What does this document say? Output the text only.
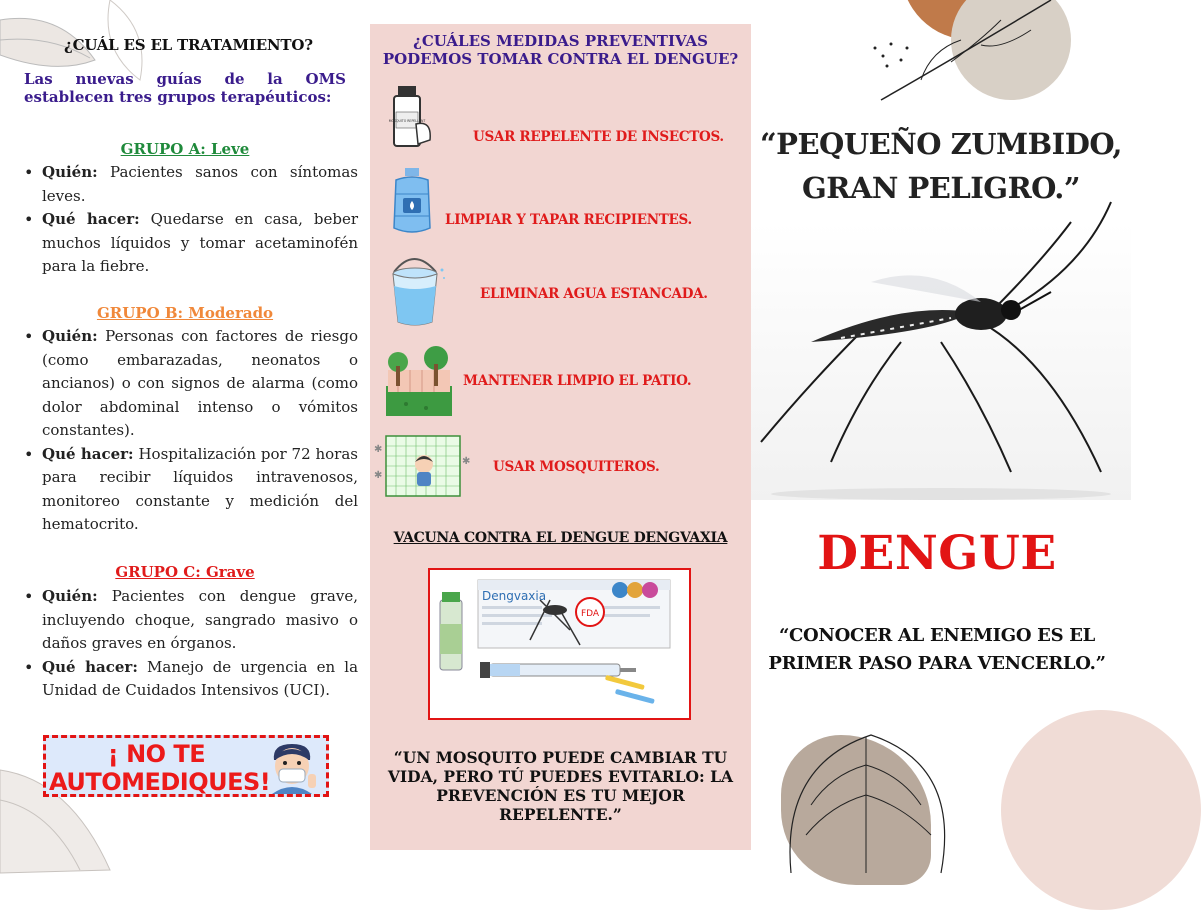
¿CUÁL ES EL TRATAMIENTO?
Las nuevas guías de la OMS establecen tres grupos terapéuticos:
GRUPO A: Leve
• Quién: Pacientes sanos con síntomas leves.
• Qué hacer: Quedarse en casa, beber muchos líquidos y tomar acetaminofén para la fiebre.
GRUPO B: Moderado
• Quién: Personas con factores de riesgo (como embarazadas, neonatos o ancianos) o con signos de alarma (como dolor abdominal intenso o vómitos constantes).
• Qué hacer: Hospitalización por 72 horas para recibir líquidos intravenosos, monitoreo constante y medición del hematocrito.
GRUPO C: Grave
• Quién: Pacientes con dengue grave, incluyendo choque, sangrado masivo o daños graves en órganos.
• Qué hacer: Manejo de urgencia en la Unidad de Cuidados Intensivos (UCI).
¡ NO TE AUTOMEDIQUES!
¿CUÁLES MEDIDAS PREVENTIVAS PODEMOS TOMAR CONTRA EL DENGUE?
MOSQUITO REPELLENT
USAR REPELENTE DE INSECTOS.
LIMPIAR Y TAPAR RECIPIENTES.
ELIMINAR AGUA ESTANCADA.
MANTENER LIMPIO EL PATIO.
✱
✱
✱ USAR MOSQUITEROS.
VACUNA CONTRA EL DENGUE DENGVAXIA
Dengvaxia
FDA
“UN MOSQUITO PUEDE CAMBIAR TU VIDA, PERO TÚ PUEDES EVITARLO: LA PREVENCIÓN ES TU MEJOR REPELENTE.”
“PEQUEÑO ZUMBIDO, GRAN PELIGRO.”
DENGUE
“CONOCER AL ENEMIGO ES EL PRIMER PASO PARA VENCERLO.”
